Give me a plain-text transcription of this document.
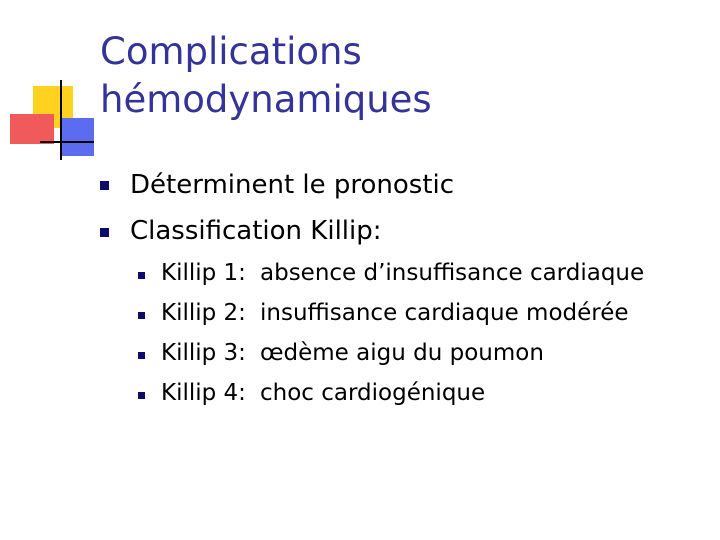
Complications
hémodynamiques
Déterminent le pronostic
Classification Killip:
Killip 1: absence d’insuffisance cardiaque
Killip 2: insuffisance cardiaque modérée
Killip 3: œdème aigu du poumon
Killip 4: choc cardiogénique
